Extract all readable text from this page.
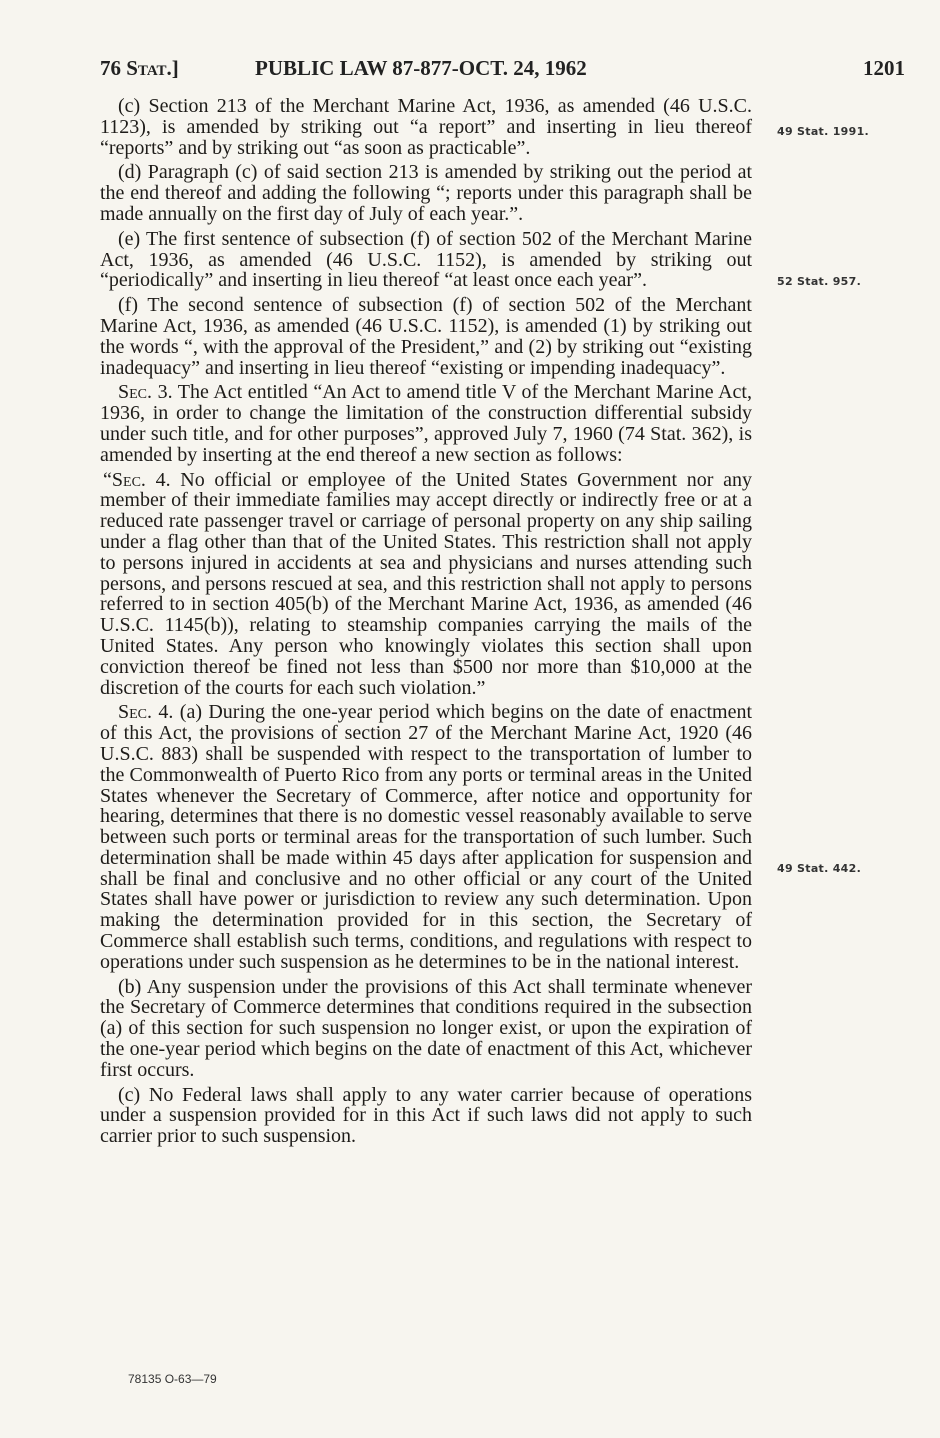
76 Stat.]	PUBLIC LAW 87-877-OCT. 24, 1962	1201

(c) Section 213 of the Merchant Marine Act, 1936, as amended (46 U.S.C. 1123), is amended by striking out “a report” and inserting in lieu thereof “reports” and by striking out “as soon as practicable”.

(d) Paragraph (c) of said section 213 is amended by striking out the period at the end thereof and adding the following “; reports under this paragraph shall be made annually on the first day of July of each year.”.

(e) The first sentence of subsection (f) of section 502 of the Merchant Marine Act, 1936, as amended (46 U.S.C. 1152), is amended by striking out “periodically” and inserting in lieu thereof “at least once each year”.

(f) The second sentence of subsection (f) of section 502 of the Merchant Marine Act, 1936, as amended (46 U.S.C. 1152), is amended (1) by striking out the words “, with the approval of the President,” and (2) by striking out “existing inadequacy” and inserting in lieu thereof “existing or impending inadequacy”.

Sec. 3. The Act entitled “An Act to amend title V of the Merchant Marine Act, 1936, in order to change the limitation of the construction differential subsidy under such title, and for other purposes”, approved July 7, 1960 (74 Stat. 362), is amended by inserting at the end thereof a new section as follows:

“Sec. 4. No official or employee of the United States Government nor any member of their immediate families may accept directly or indirectly free or at a reduced rate passenger travel or carriage of personal property on any ship sailing under a flag other than that of the United States. This restriction shall not apply to persons injured in accidents at sea and physicians and nurses attending such persons, and persons rescued at sea, and this restriction shall not apply to persons referred to in section 405(b) of the Merchant Marine Act, 1936, as amended (46 U.S.C. 1145(b)), relating to steamship companies carrying the mails of the United States. Any person who knowingly violates this section shall upon conviction thereof be fined not less than $500 nor more than $10,000 at the discretion of the courts for each such violation.”

Sec. 4. (a) During the one-year period which begins on the date of enactment of this Act, the provisions of section 27 of the Merchant Marine Act, 1920 (46 U.S.C. 883) shall be suspended with respect to the transportation of lumber to the Commonwealth of Puerto Rico from any ports or terminal areas in the United States whenever the Secretary of Commerce, after notice and opportunity for hearing, determines that there is no domestic vessel reasonably available to serve between such ports or terminal areas for the transportation of such lumber. Such determination shall be made within 45 days after application for suspension and shall be final and conclusive and no other official or any court of the United States shall have power or jurisdiction to review any such determination. Upon making the determination provided for in this section, the Secretary of Commerce shall establish such terms, conditions, and regulations with respect to operations under such suspension as he determines to be in the national interest.

(b) Any suspension under the provisions of this Act shall terminate whenever the Secretary of Commerce determines that conditions required in the subsection (a) of this section for such suspension no longer exist, or upon the expiration of the one-year period which begins on the date of enactment of this Act, whichever first occurs.

(c) No Federal laws shall apply to any water carrier because of operations under a suspension provided for in this Act if such laws did not apply to such carrier prior to such suspension.

49 Stat. 1991.
52 Stat. 957.
49 Stat. 442.
78135 O-63—79
